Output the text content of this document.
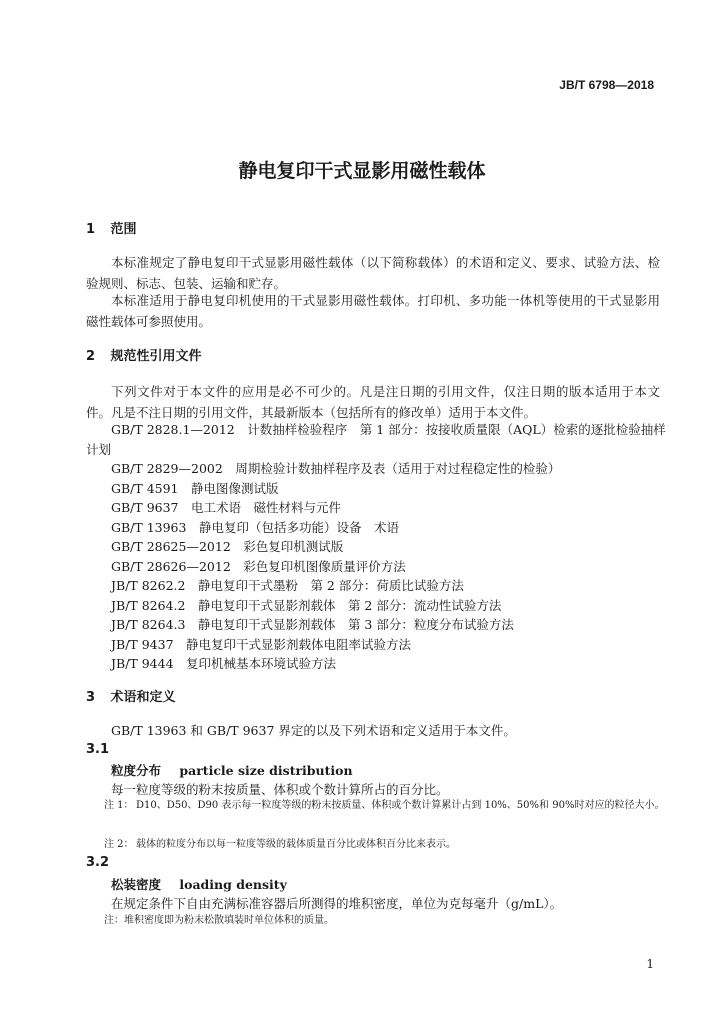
JB/T 6798—2018
静电复印干式显影用磁性载体
1 范围
本标准规定了静电复印干式显影用磁性载体（以下简称载体）的术语和定义、要求、试验方法、检验规则、标志、包装、运输和贮存。
本标准适用于静电复印机使用的干式显影用磁性载体。打印机、多功能一体机等使用的干式显影用磁性载体可参照使用。
2 规范性引用文件
下列文件对于本文件的应用是必不可少的。凡是注日期的引用文件，仅注日期的版本适用于本文件。凡是不注日期的引用文件，其最新版本（包括所有的修改单）适用于本文件。
GB/T 2828.1—2012　计数抽样检验程序　第 1 部分：按接收质量限（AQL）检索的逐批检验抽样计划
GB/T 2829—2002　周期检验计数抽样程序及表（适用于对过程稳定性的检验）
GB/T 4591　静电图像测试版
GB/T 9637　电工术语　磁性材料与元件
GB/T 13963　静电复印（包括多功能）设备　术语
GB/T 28625—2012　彩色复印机测试版
GB/T 28626—2012　彩色复印机图像质量评价方法
JB/T 8262.2　静电复印干式墨粉　第 2 部分：荷质比试验方法
JB/T 8264.2　静电复印干式显影剂载体　第 2 部分：流动性试验方法
JB/T 8264.3　静电复印干式显影剂载体　第 3 部分：粒度分布试验方法
JB/T 9437　静电复印干式显影剂载体电阻率试验方法
JB/T 9444　复印机械基本环境试验方法
3 术语和定义
GB/T 13963 和 GB/T 9637 界定的以及下列术语和定义适用于本文件。
3.1
粒度分布 particle size distribution
每一粒度等级的粉末按质量、体积或个数计算所占的百分比。
注 1： D10、D50、D90 表示每一粒度等级的粉末按质量、体积或个数计算累计占到 10%、50%和 90%时对应的粒径大小。
注 2： 载体的粒度分布以每一粒度等级的载体质量百分比或体积百分比来表示。
3.2
松装密度 loading density
在规定条件下自由充满标准容器后所测得的堆积密度，单位为克每毫升（g/mL）。
注：堆积密度即为粉末松散填装时单位体积的质量。
1
